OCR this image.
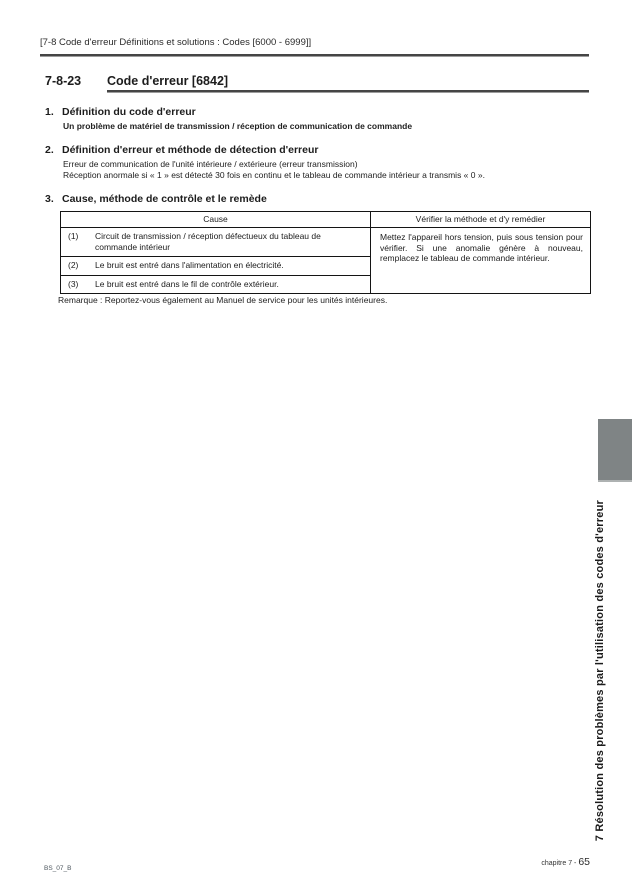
[7-8 Code d'erreur Définitions et solutions : Codes [6000 - 6999]]
7-8-23 Code d'erreur [6842]
1. Définition du code d'erreur
Un problème de matériel de transmission / réception de communication de commande
2. Définition d'erreur et méthode de détection d'erreur
Erreur de communication de l'unité intérieure / extérieure (erreur transmission)
Réception anormale si « 1 » est détecté 30 fois en continu et le tableau de commande intérieur a transmis « 0 ».
3. Cause, méthode de contrôle et le remède
Cause	Vérifier la méthode et d'y remédier
(1) Circuit de transmission / réception défectueux du tableau de commande intérieur	Mettez l'appareil hors tension, puis sous tension pour vérifier. Si une anomalie génère à nouveau, remplacez le tableau de commande intérieur.
(2) Le bruit est entré dans l'alimentation en électricité.	
(3) Le bruit est entré dans le fil de contrôle extérieur.	
Remarque : Reportez-vous également au Manuel de service pour les unités intérieures.
7 Résolution des problèmes par l'utilisation des codes d'erreur
BS_07_B
chapitre 7 - 65
